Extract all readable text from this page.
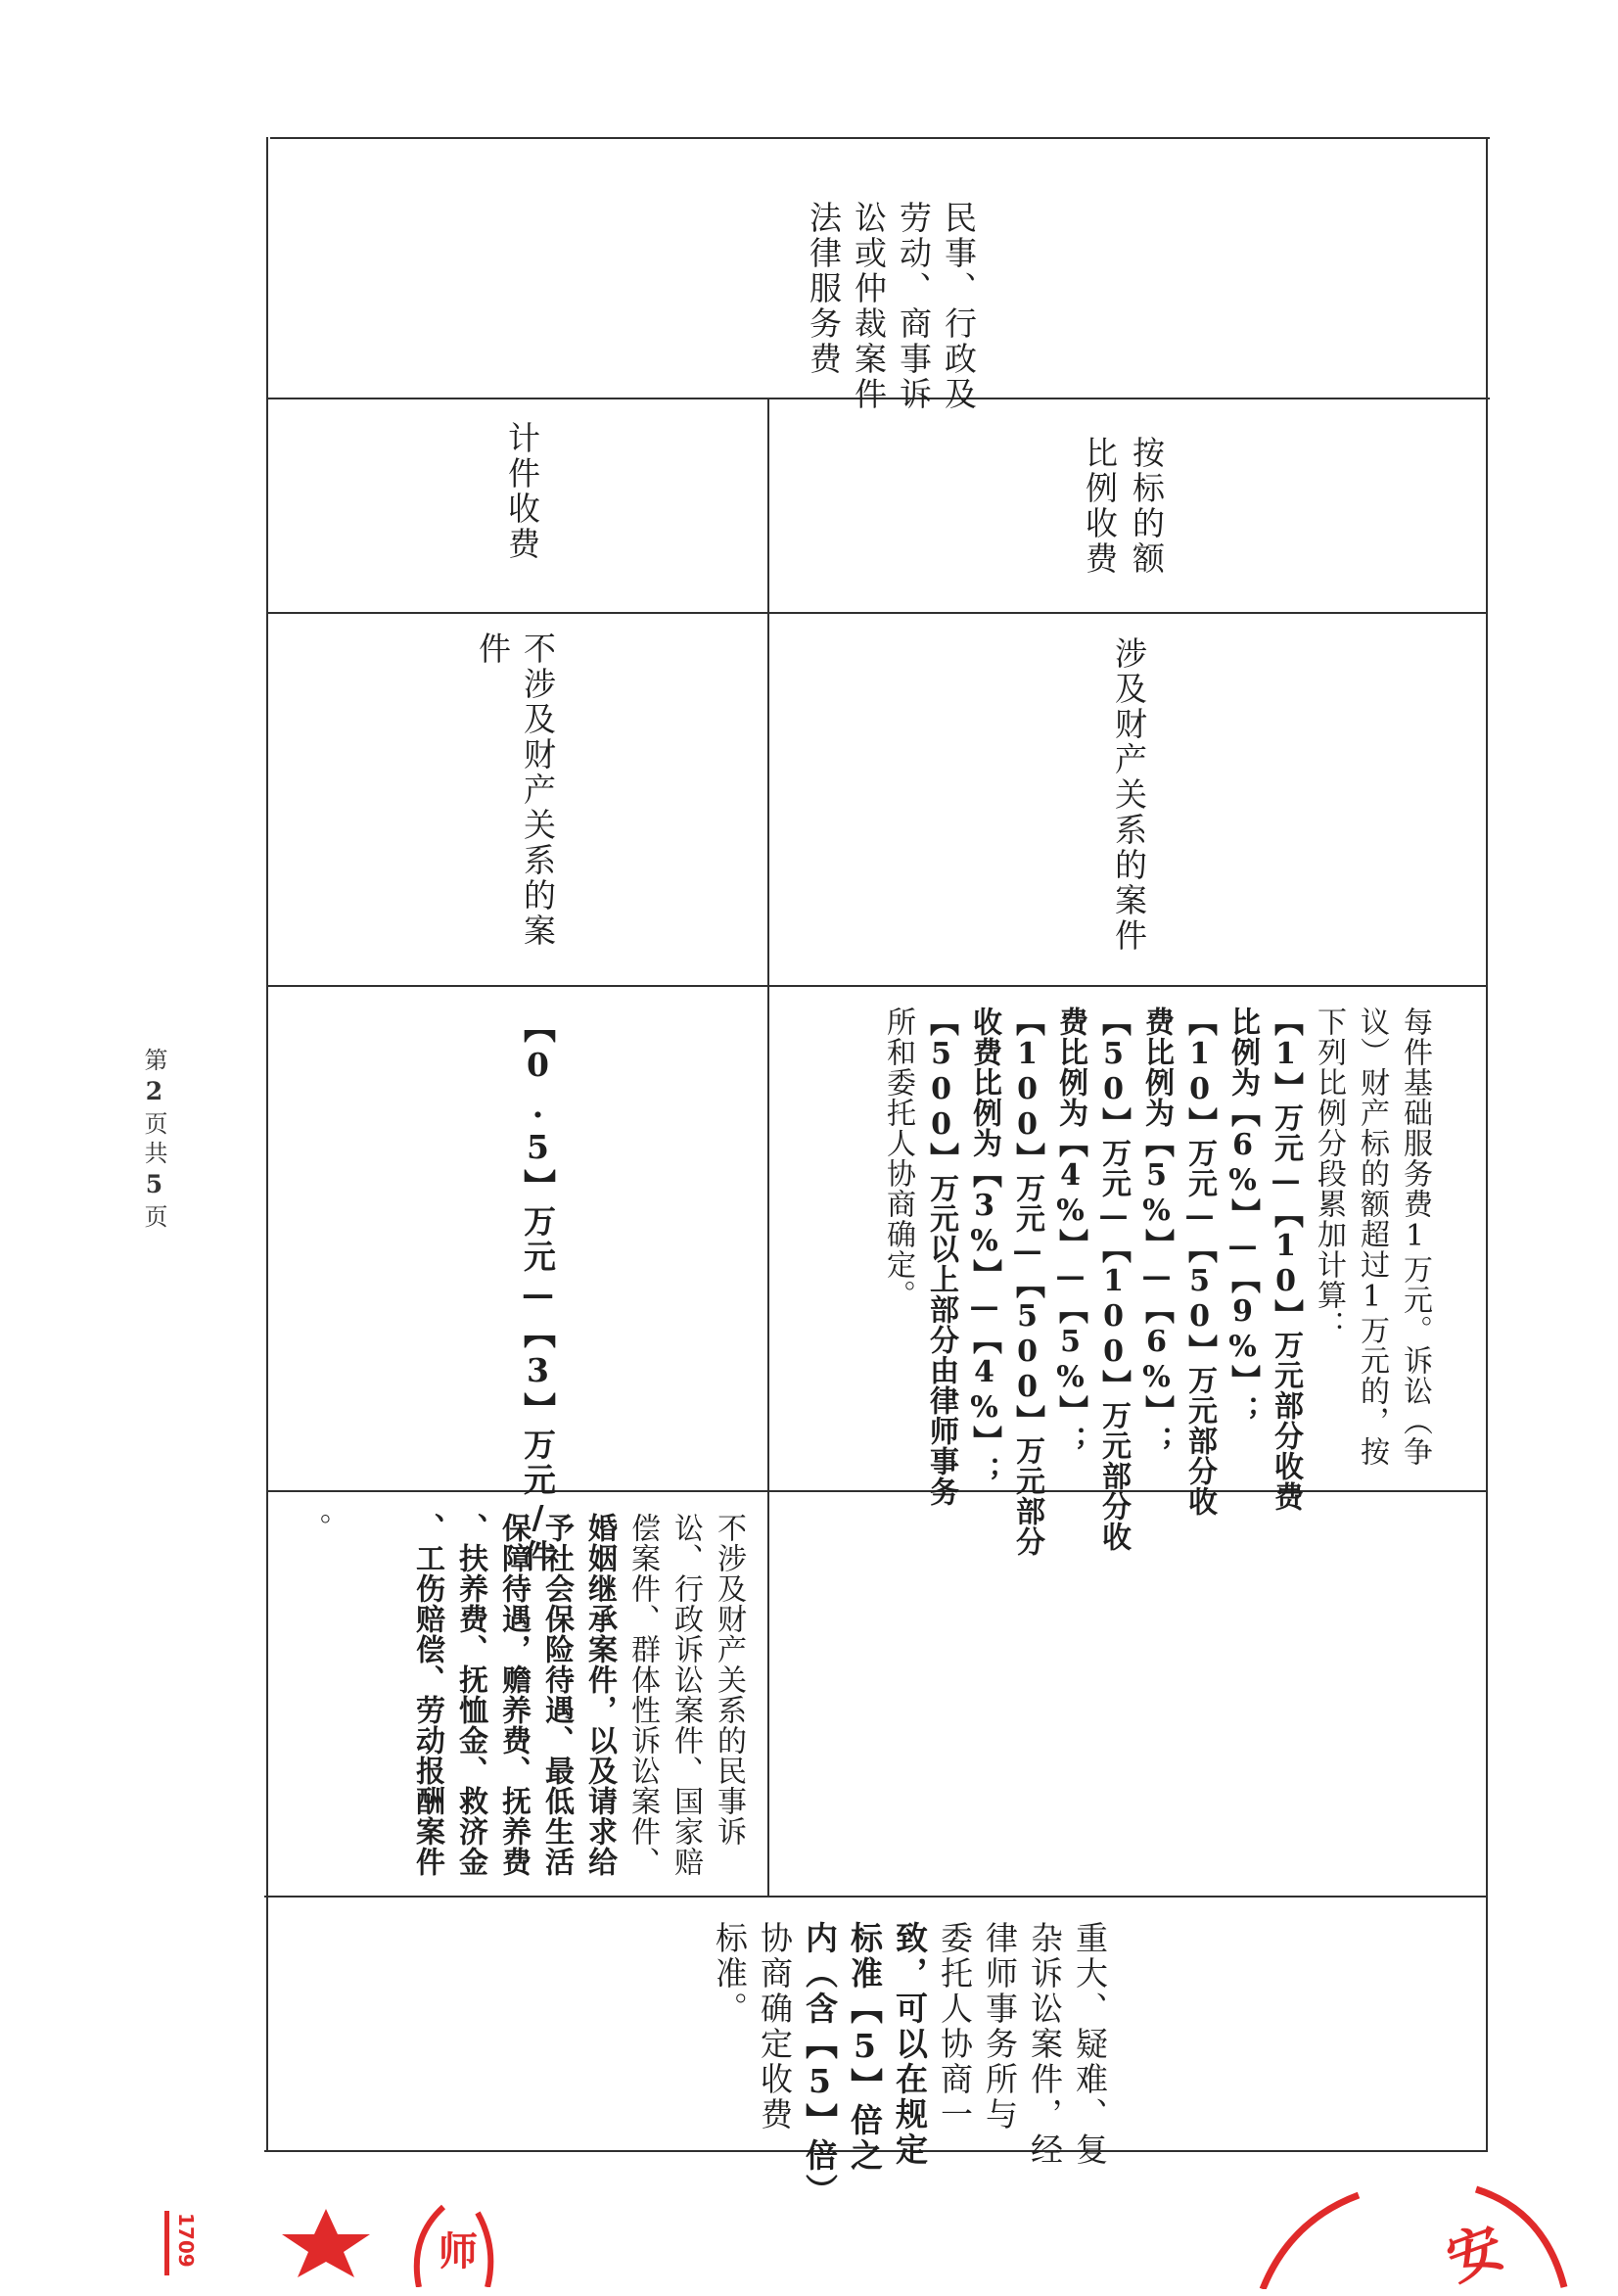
民事、行政及
劳动、商事诉
讼或仲裁案件
法律服务费
按标的额
比例收费
计件收费
涉及财产关系的案件
不涉及财产关系的案
件
每件基础服务费1万元。诉讼（争
议）财产标的额超过1万元的，按
下列比例分段累加计算：
【1】万元—【10】万元部分收费
比例为【6%】—【9%】；
【10】万元—【50】万元部分收
费比例为【5%】—【6%】；
【50】万元—【100】万元部分收
费比例为【4%】—【5%】；
【100】万元—【500】万元部分
收费比例为【3%】—【4%】；
【500】万元以上部分由律师事务
所和委托人协商确定。
【0.5】万元—【3】万元/件
不涉及财产关系的民事诉
讼、行政诉讼案件、国家赔
偿案件、群体性诉讼案件、
婚姻继承案件，以及请求给
予社会保险待遇、最低生活
保障待遇，赡养费、抚养费
、扶养费、抚恤金、救济金
、工伤赔偿、劳动报酬案件
。
重大、疑难、复
杂诉讼案件，经
律师事务所与
委托人协商一
致，可以在规定
标准【5】倍之
内（含【5】倍）
协商确定收费
标准。
第2页共5页
1709	师	安
